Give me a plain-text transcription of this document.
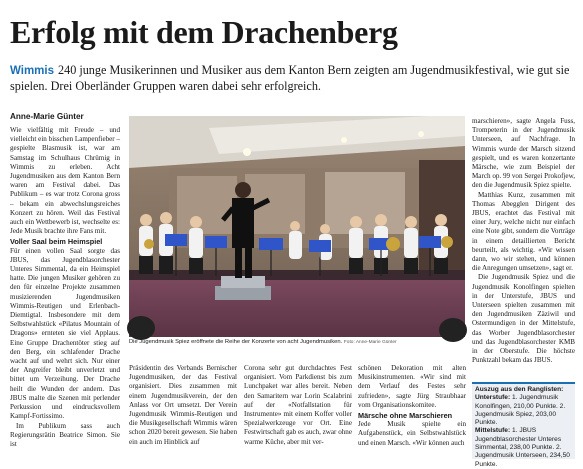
Erfolg mit dem Drachenberg
Wimmis 240 junge Musikerinnen und Musiker aus dem Kanton Bern zeigten am Jugendmusikfestival, wie gut sie spielen. Drei Oberländer Gruppen waren dabei sehr erfolgreich.
Anne-Marie Günter

Wie vielfältig mit Freude – und vielleicht ein bisschen Lampenfieber – gespielte Blasmusik ist, war am Samstag im Schulhaus Chrümig in Wimmis zu erleben. Acht Jugendmusiken aus dem Kanton Bern waren am Festival dabei. Das Publikum – es war trotz Corona gross – bekam ein abwechslungsreiches Konzert zu hören. Weil das Festival auch ein Wettbewerb ist, wechselte es: Jede Musik brachte ihre Fans mit.

Voller Saal beim Heimspiel

Für einen vollen Saal sorgte das JBUS, das Jugendblasorchester Unteres Simmental, da ein Heimspiel hatte. Die jungen Musiker gehören zu den für einzelne Projekte zusammen musizierenden Jugendmusiken Wimmis-Reutigen und Erlenbach-Diemtigtal. Insbesondere mit dem Selbstwahlstück «Pilatus Mountain of Dragons» ernteten sie viel Applaus. Eine Gruppe Drachentöter stieg auf den Berg, ein schlafender Drache wacht auf und wehrt sich. Nur einer der Angreifer bleibt unverletzt und bittet um Verzeihung. Der Drache heilt die Wunden der andern. Das JBUS malte die Szenen mit perlender Perkussion und eindrucksvollem Kampf-Fortissimo.

Im Publikum sass auch Regierungsrätin Beatrice Simon. Sie ist

Die Jugendmusik Spiez eröffnete die Reihe der Konzerte von acht Jugendmusiken. Foto: Anne-Marie Günter

Präsidentin des Verbands Bernischer Jugendmusiken, der das Festival organisiert. Dies zusammen mit einem Jugendmusikverein, der den Anlass vor Ort umsetzt. Der Verein Jugendmusik Wimmis-Reutigen und die Musikgesellschaft Wimmis wären schon 2020 bereit gewesen. Sie haben ein auch im Hinblick auf

Corona sehr gut durchdachtes Fest organisiert. Vom Parkdienst bis zum Lunchpaket war alles bereit. Neben den Samaritern war Lorin Scalabrini auf der «Notfallstation für Instrumente» mit einem Koffer voller Spezialwerkzeuge vor Ort. Eine Festwirtschaft gab es auch, zwar ohne warme Küche, aber mit ver-

schönen Dekoration mit alten Musikinstrumenten. «Wir sind mit dem Verlauf des Festes sehr zufrieden», sagte Jürg Straubhaar vom Organisationskomitee.

Märsche ohne Marschieren

Jede Musik spielte ein Aufgabenstück, ein Selbstwahlstück und einen Marsch. «Wir können auch

marschieren», sagte Angela Fuss, Trompeterin in der Jugendmusik Unterseen, auf Nachfrage. In Wimmis wurde der Marsch sitzend gespielt, und es waren konzertante Märsche, wie zum Beispiel der March op. 99 von Sergei Prokofjew, den die Jugendmusik Spiez spielte.

Matthias Kunz, zusammen mit Thomas Abegglen Dirigent des JBUS, erachtet das Festival mit einer Jury, welche nicht nur einfach eine Note gibt, sondern die Vorträge in einem detaillierten Bericht beurteilt, als wichtig. «Wir wissen dann, wo wir stehen, und können die Anregungen umsetzen», sagt er.

Die Jugendmusik Spiez und die Jugendmusik Konolfingen spielten in der Unterstufe, JBUS und Unterseen spielten zusammen mit den Jugendmusiken Zäziwil und Ostermundigen in der Mittelstufe, das Worber Jugendblasorchester und das Jugendblasorchester KMB in der Oberstufe. Die höchste Punktzahl bekam das JBUS.

Auszug aus den Ranglisten:
Unterstufe: 1. Jugendmusik Konolfingen, 210,00 Punkte. 2. Jugendmusik Spiez, 203,00 Punkte.
Mittelstufe: 1. JBUS Jugendblasorchester Unteres Simmental, 238,00 Punkte. 2. Jugendmusik Unterseen, 234,50 Punkte.
